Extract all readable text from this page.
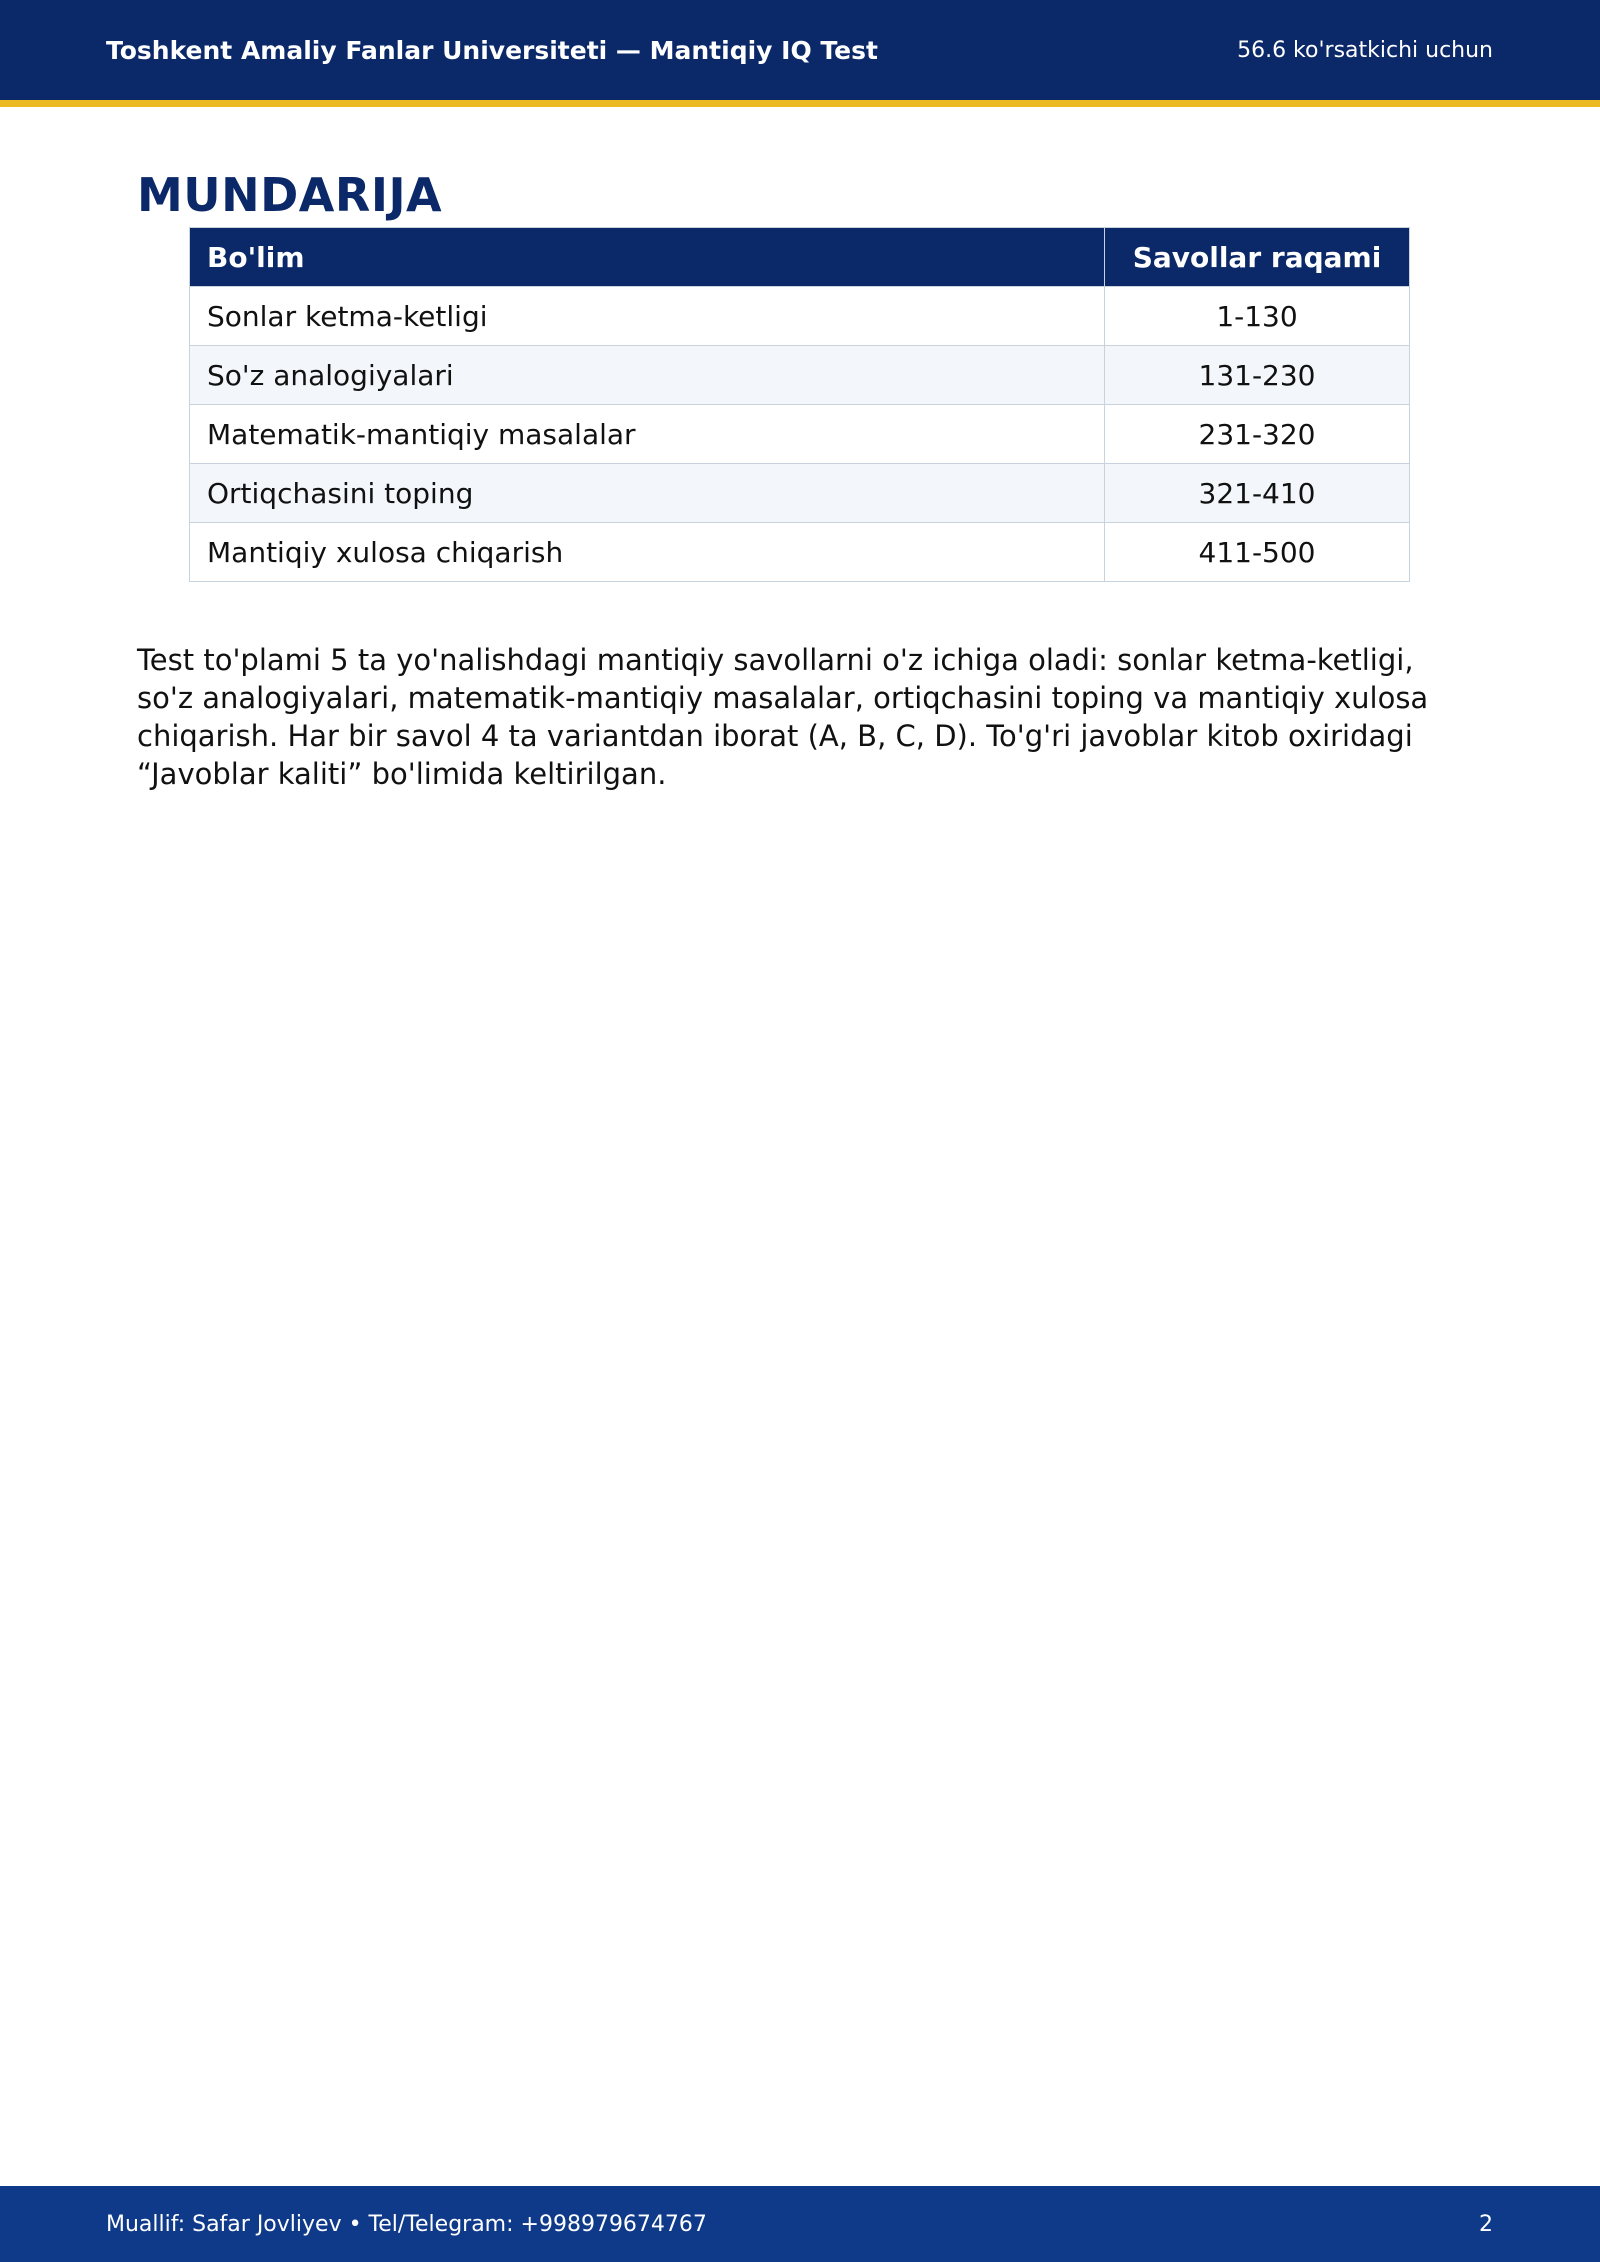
Toshkent Amaliy Fanlar Universiteti — Mantiqiy IQ Test	56.6 ko'rsatkichi uchun
MUNDARIJA
Bo'lim	Savollar raqami
Sonlar ketma-ketligi	1-130
So'z analogiyalari	131-230
Matematik-mantiqiy masalalar	231-320
Ortiqchasini toping	321-410
Mantiqiy xulosa chiqarish	411-500

Test to'plami 5 ta yo'nalishdagi mantiqiy savollarni o'z ichiga oladi: sonlar ketma-ketligi, so'z analogiyalari, matematik-mantiqiy masalalar, ortiqchasini toping va mantiqiy xulosa chiqarish. Har bir savol 4 ta variantdan iborat (A, B, C, D). To'g'ri javoblar kitob oxiridagi “Javoblar kaliti” bo'limida keltirilgan.

Muallif: Safar Jovliyev • Tel/Telegram: +998979674767	2
